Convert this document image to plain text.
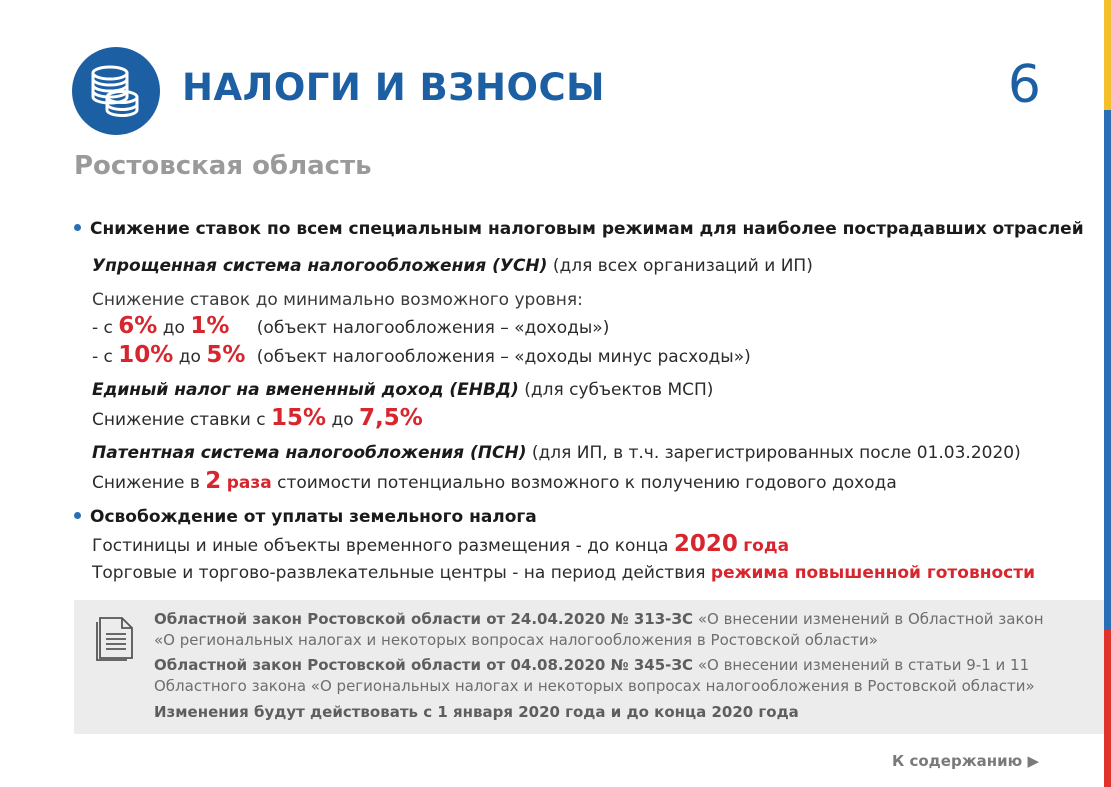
НАЛОГИ И ВЗНОСЫ	6
Ростовская область
Снижение ставок по всем специальным налоговым режимам для наиболее пострадавших отраслей
Упрощенная система налогообложения (УСН) (для всех организаций и ИП)
Снижение ставок до минимально возможного уровня:
- с 6% до 1% (объект налогообложения – «доходы»)
- с 10% до 5% (объект налогообложения – «доходы минус расходы»)
Единый налог на вмененный доход (ЕНВД) (для субъектов МСП)
Снижение ставки с 15% до 7,5%
Патентная система налогообложения (ПСН) (для ИП, в т.ч. зарегистрированных после 01.03.2020)
Снижение в 2 раза стоимости потенциально возможного к получению годового дохода
Освобождение от уплаты земельного налога
Гостиницы и иные объекты временного размещения - до конца 2020 года
Торговые и торгово-развлекательные центры - на период действия режима повышенной готовности
Областной закон Ростовской области от 24.04.2020 № 313-ЗС «О внесении изменений в Областной закон
«О региональных налогах и некоторых вопросах налогообложения в Ростовской области»
Областной закон Ростовской области от 04.08.2020 № 345-ЗС «О внесении изменений в статьи 9-1 и 11
Областного закона «О региональных налогах и некоторых вопросах налогообложения в Ростовской области»
Изменения будут действовать с 1 января 2020 года и до конца 2020 года
К содержанию ▶
